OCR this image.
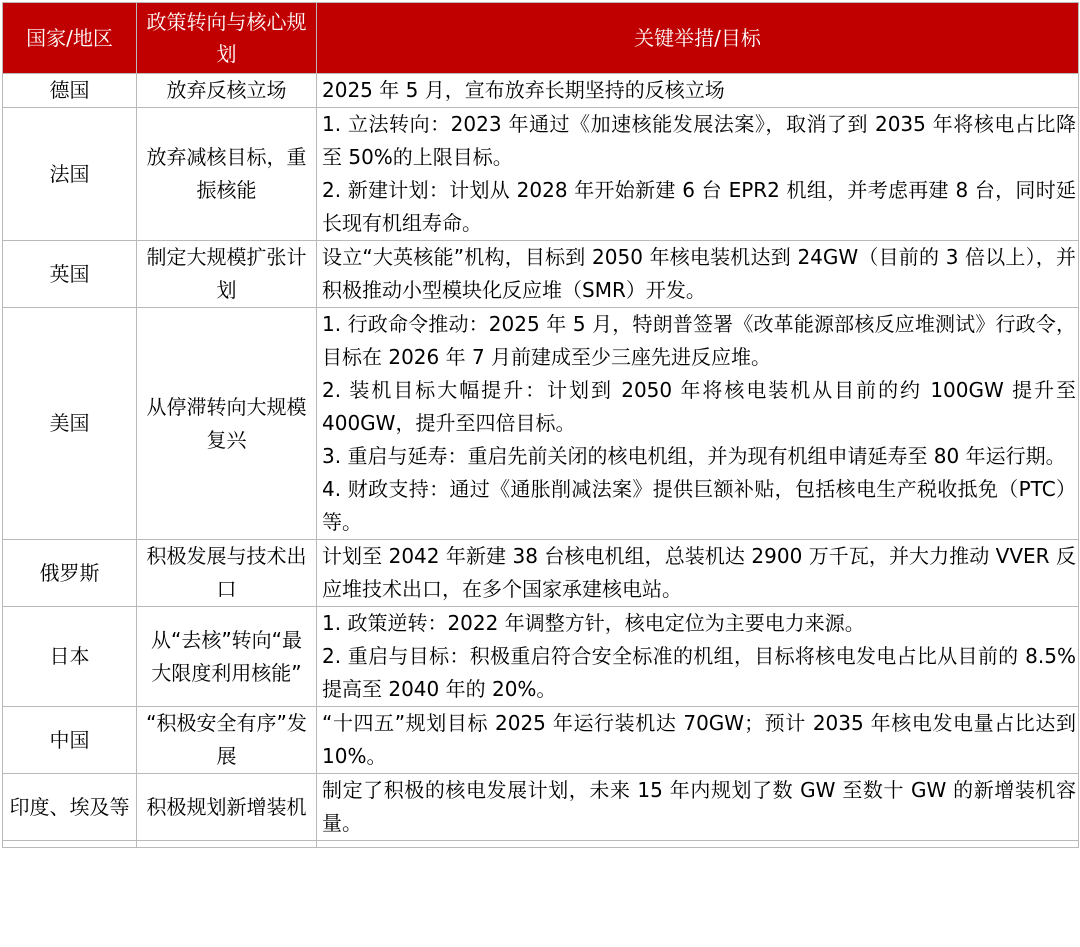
国家/地区	政策转向与核心规划	关键举措/目标
德国	放弃反核立场	2025 年 5 月，宣布放弃长期坚持的反核立场

法国	放弃减核目标，重振核能	1. 立法转向：2023 年通过《加速核能发展法案》，取消了到 2035 年将核电占比降至 50%的上限目标。

2. 新建计划：计划从 2028 年开始新建 6 台 EPR2 机组，并考虑再建 8 台，同时延长现有机组寿命。

英国	制定大规模扩张计划	设立“大英核能”机构，目标到 2050 年核电装机达到 24GW（目前的 3 倍以上），并积极推动小型模块化反应堆（SMR）开发。

美国	从停滞转向大规模复兴	1. 行政命令推动：2025 年 5 月，特朗普签署《改革能源部核反应堆测试》行政令，目标在 2026 年 7 月前建成至少三座先进反应堆。

2. 装机目标大幅提升：计划到 2050 年将核电装机从目前的约 100GW 提升至 400GW，提升至四倍目标。

3. 重启与延寿：重启先前关闭的核电机组，并为现有机组申请延寿至 80 年运行期。

4. 财政支持：通过《通胀削减法案》提供巨额补贴，包括核电生产税收抵免（PTC）等。

俄罗斯	积极发展与技术出口	计划至 2042 年新建 38 台核电机组，总装机达 2900 万千瓦，并大力推动 VVER 反应堆技术出口，在多个国家承建核电站。

日本	从“去核”转向“最大限度利用核能”	1. 政策逆转：2022 年调整方针，核电定位为主要电力来源。

2. 重启与目标：积极重启符合安全标准的机组，目标将核电发电占比从目前的 8.5%提高至 2040 年的 20%。

中国	“积极安全有序”发展	“十四五”规划目标 2025 年运行装机达 70GW；预计 2035 年核电发电量占比达到 10%。

印度、埃及等	积极规划新增装机	制定了积极的核电发展计划，未来 15 年内规划了数 GW 至数十 GW 的新增装机容量。
